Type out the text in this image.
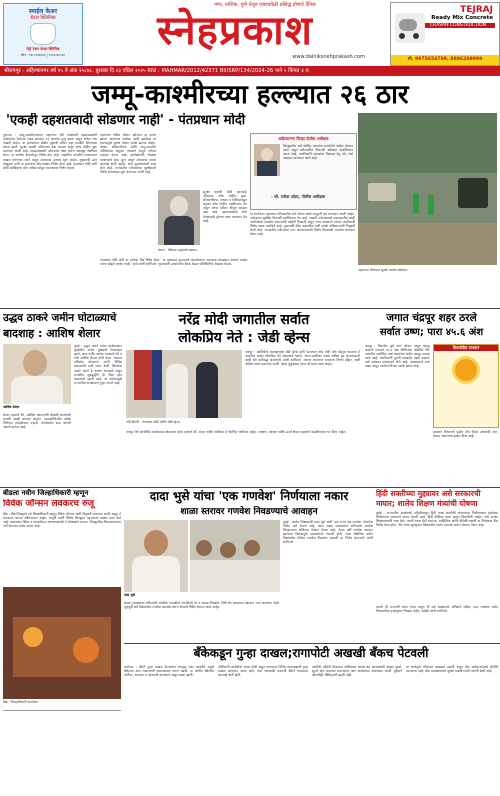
स्माईल केअर
डेंटल क्लिनिक
मेट्रो टेस्टर केअर क्लिनिक
फोन : ९२८९१२७५४१ | ९५६२२७००३०
नगर, नाशिक, पुणे येथून एकाचवेळी प्रसिद्ध होणारे दैनिक
स्नेहप्रकाश
www.dainiksnehprakash.com
TEJRAJ
Ready Mix Concrete
CHAVAN CONSTRUCTION
मो. 9975654789, 8806208999
श्रीरामपूर - अहिल्यानगर वर्ष १५ वे अंक २५८७८, बुधवार दि.२३ एप्रिल २०२५ RNI : MAHMAR/2012/42371 BII/SRP/134/2024-26 पाने ५ किंमत ३ रु.
जम्मू-काश्मीरच्या हल्ल्यात २६ ठार
'एकही दहशतवादी सोडणार नाही' - पंतप्रधान मोदी
पुलगाव : जम्मू-काश्मीरमधल्या पहलगाम येथे मंगळवारी दहशतवाद्यांनी पर्यटकांवर केलेल्या भ्याड हल्ल्यात २६ जणांचा मृत्यू झाला असून अनेक जण जखमी आहेत. या हल्ल्यानंतर केंद्रीय गृहमंत्री अमित शहा तातडीने श्रीनगरला रवाना झाले. सुरक्षा दलांनी परिसराला वेढा घातला असून शोध मोहीम सुरू करण्यात आली आहे. दहशतवाद्यांनी पर्यटकांना लक्ष्य करून अंधाधुंद गोळीबार केला. या घटनेचा देशभरातून निषेध होत आहे. जखमींना तातडीने रुग्णालयात दाखल करण्यात आले असून त्यांच्यावर उपचार सुरू आहेत. मुख्यमंत्री उमर अब्दुल्ला यांनी या हल्ल्याचा तीव्र शब्दांत निषेध केला आहे. पंतप्रधान मोदी यांनी सौदी अरेबियाचा दौरा अर्धवट सोडून परतण्याचा निर्णय घेतला.
पहलगाम येथील बैसरन खोऱ्यात हा हल्ला झाला. अमरनाथ यात्रेच्या आधी झालेल्या या हल्ल्यामुळे सुरक्षा यंत्रणा सतर्क झाल्या आहेत. लष्कर, सीआरपीएफ आणि जम्मू-काश्मीर पोलिसांच्या संयुक्त पथकाने संपूर्ण परिसर ताब्यात घेतला आहे. हल्लेखोरांची ओळख पटवण्याचे काम सुरू असून त्यांच्यावर कठोर कारवाई केली जाईल, असे गृहमंत्रालयाने स्पष्ट केले आहे. राज्यातील पर्यटकांच्या सुरक्षेसाठी विशेष हेल्पलाइन सुरू करण्यात आली आहे.
पंतप्रधान मोदी यांनी या घटनेचा तीव्र निषेध केला. 'या घृणास्पद कृत्यामागे असलेल्यांना न्यायाच्या कठड्यात आणले जाईल. त्यांना सोडले जाणार नाही,' असे त्यांनी सांगितले. गृहमंत्र्यांनी उच्चस्तरीय बैठक घेऊन परिस्थितीचा आढावा घेतला.
सुरक्षा दलांची मोठी कारवाई; परिसरात शोध मोहीम सुरू. सीआरपीएफ, लष्कर व पोलिसांकडून संयुक्त शोध मोहीम राबविण्यात येत असून जंगल परिसर पिंजून काढला जात आहे. दहशतवाद्यांचा शोध घेण्यासाठी ड्रोनचा वापर करण्यात येत आहे.
श्रीनगर : पीडितांना श्रद्धांजली वाहताना.
अहिल्यानगर जिल्हा पोलीस अधीक्षक
जिल्ह्यातील सर्व पोलीस ठाण्यांना सतर्कतेचे आदेश देण्यात आले असून संवेदनशील ठिकाणी बंदोबस्त वाढविण्यात आला आहे. नागरिकांनी अफवांवर विश्वास ठेवू नये, असे आवाहन करण्यात आले आहे.
- श्री. राकेश ओला, पोलीस अधीक्षक
या घटनेनंतर पहलगाम परिसरातील सर्व पर्यटन स्थळे तात्पुरती बंद करण्यात आली आहेत. पर्यटकांना सुरक्षित ठिकाणी हलविण्यात येत आहे. जखमी पर्यटकांमध्ये महाराष्ट्रातील काही नागरिकांचा समावेश असल्याची माहिती मिळाली असून राज्य सरकारने त्यांच्या मदतीसाठी विशेष पथक पाठविले आहे. मुख्यमंत्री देवेंद्र फडणवीस यांनी संपर्क अधिकाऱ्यांची नियुक्ती केली आहे. राज्यातील पर्यटकांना परत आणण्यासाठी विशेष विमानाची व्यवस्था करण्यात येणार आहे.
पहलगाम परिसरात सुरक्षा दलांचा बंदोबस्त.
उद्धव ठाकरे जमीन घोटाळ्याचे
बादशाह : आशिष शेलार
आशिष शेलार
मुंबई : उद्धव ठाकरे यांच्या कार्यकाळात मुंबईतील अनेक भूखंडांचे गैरव्यवहार झाले, असा गंभीर आरोप भाजपचे नेते व मंत्री आशिष शेलार यांनी केला. पत्रकार परिषदेत बोलताना त्यांनी विविध प्रकरणांची यादी सादर केली. शिवसेना ठाकरे गटाने हे आरोप फेटाळले असून राजकीय सूडबुद्धीने ही टीका होत असल्याचे म्हटले आहे. या आरोपांमुळे राज्यातील राजकारण पुन्हा तापले आहे.
शेलार म्हणाले की, संबंधित प्रकरणांची चौकशी करण्याची मागणी आम्ही करणार आहोत. महापालिकेतील अनेक निर्णयांत पारदर्शकता नव्हती. जनतेसमोर सत्य आणणे आमचे कर्तव्य आहे.
नरेंद्र मोदी जगातील सर्वात
लोकप्रिय नेते : जेडी व्हेन्स
नवी दिल्ली : पंतप्रधान मोदी आणि जेडी व्हेन्स.
जयपूर : अमेरिकेचे उपराष्ट्राध्यक्ष जेडी व्हेन्स यांनी पंतप्रधान नरेंद्र मोदी यांचे कौतुक करताना ते जगातील सर्वात लोकप्रिय नेते असल्याचे म्हटले. भारत-अमेरिका संबंध अधिक दृढ करण्यासाठी दोन्ही देश कटिबद्ध असल्याचे त्यांनी सांगितले. व्यापार करारावर लवकरच निर्णय होईल, अशी अपेक्षा व्यक्त करण्यात आली. व्हेन्स कुटुंबासह भारत दौऱ्यावर आले आहेत.
जयपूर येथे आयोजित कार्यक्रमात बोलताना व्हेन्स म्हणाले की, भारत आणि अमेरिका हे नैसर्गिक भागीदार आहेत. संरक्षण, तंत्रज्ञान आणि ऊर्जा क्षेत्रात सहकार्य वाढविण्यावर भर दिला जाईल.
जगात चंद्रपूर शहर ठरले
सर्वात उष्ण; पारा ४५.६ अंश
चंद्रपूर : विदर्भात सूर्य आग ओकत असून चंद्रपूर शहराचे तापमान ४५.६ अंश सेल्सिअस नोंदविले गेले. जगातील सर्वाधिक उष्ण शहरांच्या यादीत चंद्रपूर अव्वल ठरले आहे. नागरिकांनी दुपारी घराबाहेर पडणे टाळावे, असे आवाहन प्रशासनाने केले आहे. उष्माघाताचे रुग्ण वाढत असून आरोग्य विभाग सतर्क झाला आहे.
विदर्भातील तापमान
हवामान विभागाने पुढील तीन दिवस उष्णतेची लाट कायम राहण्याचा इशारा दिला आहे.
बीडला नवीन जिल्हाधिकारी म्हणून
विवेक जॉन्सन लवकरच रुजू
बीड : बीड जिल्ह्याचे नवे जिल्हाधिकारी म्हणून विवेक जॉन्सन यांची नियुक्ती करण्यात आली असून ते लवकरच पदभार स्वीकारणार आहेत. यापूर्वी त्यांनी विविध जिल्ह्यांत महत्त्वाच्या पदांवर काम केले आहे. प्रशासनात शिस्त व पारदर्शकता आणण्यासाठी ते ओळखले जातात. जिल्ह्यातील विकासकामांना गती देण्याचा त्यांचा मानस आहे.
बीड : जिल्हाधिकारी कार्यालय
दादा भुसे यांचा 'एक गणवेश' निर्णयाला नकार
शाळा स्तरावर गणवेश निवडण्याचे आवाहन
दादा भुसे
मुंबई : शालेय शिक्षणमंत्री दादा भुसे यांनी 'एक राज्य एक गणवेश' योजनेचा निर्णय मागे घेतला आहे. आता शाळा व्यवस्थापन समित्यांना गणवेश निवडण्याचा अधिकार देण्यात येणार आहे. गेल्या वर्षी गणवेश वाटपात झालेल्या विलंबामुळे पालकांमध्ये नाराजी होती. नव्या शैक्षणिक वर्षात विद्यार्थ्यांना वेळेवर गणवेश मिळावेत यासाठी हा निर्णय घेतल्याचे त्यांनी सांगितले.
शाळा व्यवस्थापन समित्यांनी स्थानिक पातळीवर गणवेशाचे रंग व कापड निवडावे. निधी थेट शाळांच्या खात्यात जमा करण्यात येईल. जूनपूर्वी सर्व विद्यार्थ्यांना गणवेश उपलब्ध करून देण्याचे निर्देश देण्यात आले आहेत.
हिंदी सक्तीच्या मुद्द्यावर असे सरकारची
माघार; शालेय शिक्षण मंत्र्यांची घोषणा
मुंबई : राज्यातील शाळांमध्ये पहिलीपासून हिंदी भाषा सक्तीची करण्याच्या निर्णयावरून झालेल्या विरोधानंतर सरकारने माघार घेतली आहे. हिंदी ऐच्छिक भाषा म्हणून शिकविली जाईल, असे शालेय शिक्षणमंत्र्यांनी स्पष्ट केले. मराठी भाषा प्रेमी संघटना, साहित्यिक आणि विरोधी पक्षांनी या निर्णयाचा तीव्र विरोध केला होता. तीन भाषा सूत्रानुसार विद्यार्थ्यांना पर्याय उपलब्ध करून देण्यात येणार आहे.
मराठी ही राज्याची प्रथम भाषा असून ती सर्व शाळांमध्ये अनिवार्य राहील. इतर भाषांचा पर्याय विद्यार्थ्यांच्या इच्छेनुसार निवडता येईल, असेही त्यांनी सांगितले.
बॅंकेकडून गुन्हा दाखल;रागापोटी अखखी बँकच पेटवली
कर्नाटक : बँकेने गुन्हा दाखल केल्याच्या रागातून एका व्यक्तीने संपूर्ण बँकेलाच आग लावल्याची धक्कादायक घटना घडली. या आगीत बँकेतील फर्निचर, संगणक व महत्त्वाची कागदपत्रे जळून खाक झाली.
पोलिसांनी आरोपीला अटक केली असून त्याच्यावर विविध कलमांखाली गुन्हा दाखल करण्यात आला आहे. कर्ज थकबाकी प्रकरणी बँकेने त्याच्यावर कारवाई केली होती.
आगीची माहिती मिळताच अग्निशमन दलाचे बंब घटनास्थळी दाखल झाले. सुमारे दोन तासांच्या प्रयत्नानंतर आग आटोक्यात आणण्यात आली. सुदैवाने कोणतीही जीवितहानी झाली नाही.
या घटनेमुळे परिसरात खळबळ उडाली असून बँक कर्मचाऱ्यांमध्ये भीतीचे वातावरण आहे. बँक व्यवस्थापनाने सुरक्षा वाढविण्याची मागणी केली आहे.
